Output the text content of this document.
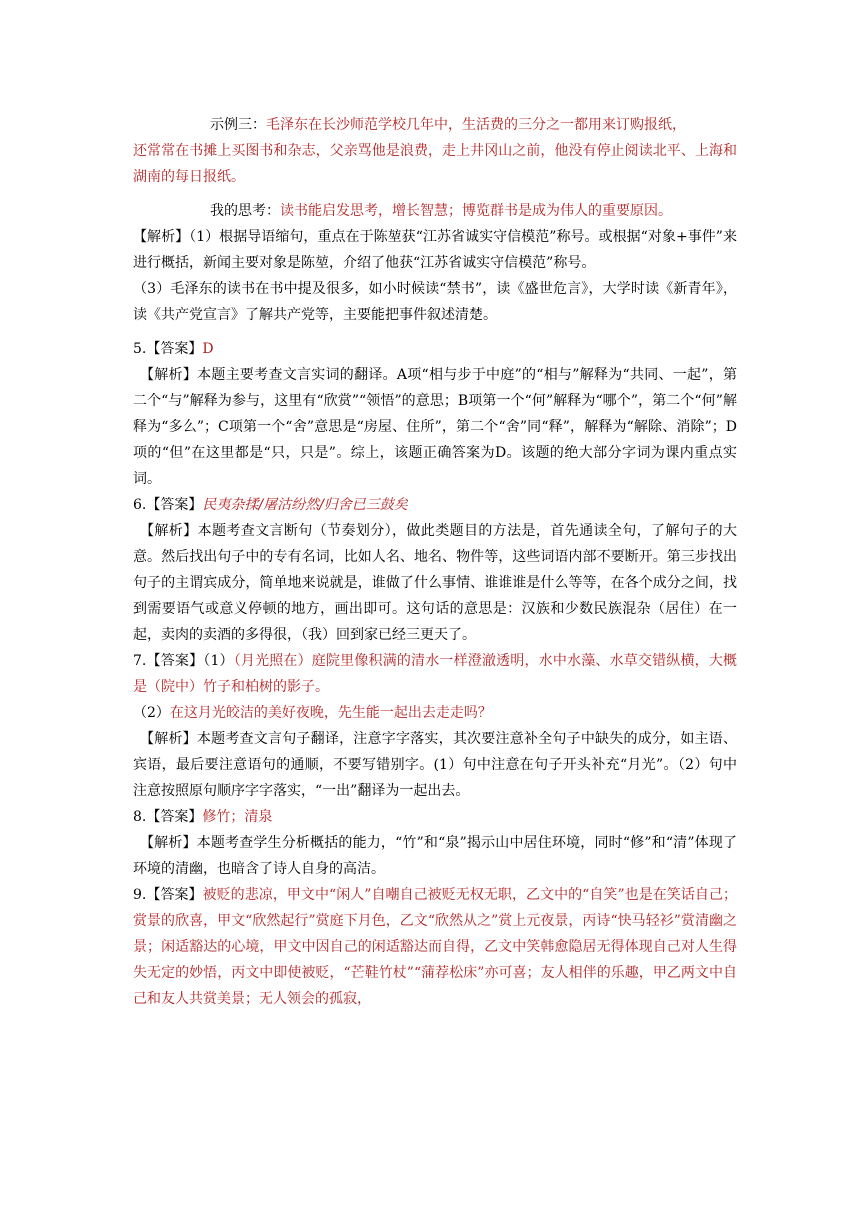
示例三：毛泽东在长沙师范学校几年中，生活费的三分之一都用来订购报纸，

还常常在书摊上买图书和杂志，父亲骂他是浪费，走上井冈山之前，他没有停止阅读北平、上海和湖南的每日报纸。

我的思考：读书能启发思考，增长智慧；博览群书是成为伟人的重要原因。

【解析】（1）根据导语缩句，重点在于陈堃获“江苏省诚实守信模范”称号。或根据“对象+事件”来进行概括，新闻主要对象是陈堃，介绍了他获“江苏省诚实守信模范”称号。

（3）毛泽东的读书在书中提及很多，如小时候读“禁书”，读《盛世危言》，大学时读《新青年》，读《共产党宣言》了解共产党等，主要能把事件叙述清楚。

5.【答案】D

【解析】本题主要考查文言实词的翻译。A项“相与步于中庭”的“相与”解释为“共同、一起”，第二个“与”解释为参与，这里有“欣赏”“领悟”的意思；B项第一个“何”解释为“哪个”，第二个“何”解释为“多么”；C项第一个“舍”意思是“房屋、住所”，第二个“舍”同“释”，解释为“解除、消除”；D项的“但”在这里都是“只，只是”。综上，该题正确答案为D。该题的绝大部分字词为课内重点实词。

6.【答案】民夷杂揉/屠沽纷然/归舍已三鼓矣

【解析】本题考查文言断句（节奏划分），做此类题目的方法是，首先通读全句，了解句子的大意。然后找出句子中的专有名词，比如人名、地名、物件等，这些词语内部不要断开。第三步找出句子的主谓宾成分，简单地来说就是，谁做了什么事情、谁谁谁是什么等等，在各个成分之间，找到需要语气或意义停顿的地方，画出即可。这句话的意思是：汉族和少数民族混杂（居住）在一起，卖肉的卖酒的多得很，（我）回到家已经三更天了。

7.【答案】（1）（月光照在）庭院里像积满的清水一样澄澈透明，水中水藻、水草交错纵横，大概是（院中）竹子和柏树的影子。

（2）在这月光皎洁的美好夜晚，先生能一起出去走走吗？

【解析】本题考查文言句子翻译，注意字字落实，其次要注意补全句子中缺失的成分，如主语、宾语，最后要注意语句的通顺，不要写错别字。(1）句中注意在句子开头补充“月光”。（2）句中注意按照原句顺序字字落实，“一出”翻译为一起出去。

8.【答案】修竹；清泉

【解析】本题考查学生分析概括的能力，“竹”和“泉”揭示山中居住环境，同时“修”和“清”体现了环境的清幽，也暗含了诗人自身的高洁。

9.【答案】被贬的悲凉，甲文中“闲人”自嘲自己被贬无权无职，乙文中的“自笑”也是在笑话自己；赏景的欣喜，甲文“欣然起行”赏庭下月色，乙文“欣然从之”赏上元夜景，丙诗“快马轻衫”赏清幽之景；闲适豁达的心境，甲文中因自己的闲适豁达而自得，乙文中笑韩愈隐居无得体现自己对人生得失无定的妙悟，丙文中即使被贬，“芒鞋竹杖”“蒲荐松床”亦可喜；友人相伴的乐趣，甲乙两文中自己和友人共赏美景；无人领会的孤寂，
